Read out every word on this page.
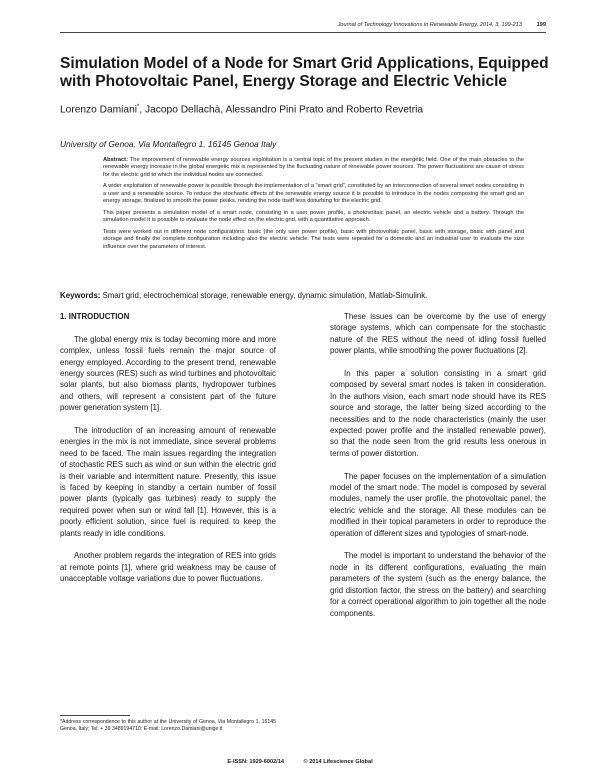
Journal of Technology Innovations in Renewable Energy, 2014, 3, 199-213	199
Simulation Model of a Node for Smart Grid Applications, Equipped with Photovoltaic Panel, Energy Storage and Electric Vehicle

Lorenzo Damiani*, Jacopo Dellachà, Alessandro Pini Prato and Roberto Revetria

University of Genoa, Via Montallegro 1, 16145 Genoa Italy

Abstract: The improvement of renewable energy sources exploitation is a central topic of the present studies in the energetic field. One of the main obstacles to the renewable energy increase in the global energetic mix is represented by the fluctuating nature of renewable power sources. The power fluctuations are cause of stress for the electric grid to which the individual nodes are connected.

A wider exploitation of renewable power is possible through the implementation of a “smart grid”, constituted by an interconnection of several smart nodes consisting in a user and a renewable source. To reduce the stochastic effects of the renewable energy source it is possible to introduce in the nodes composing the smart grid an energy storage, finalized to smooth the power peaks, rending the node itself less disturbing for the electric grid.

This paper presents a simulation model of a smart node, consisting in a user power profile, a photovoltaic panel, an electric vehicle and a battery. Through the simulation model it is possible to evaluate the node effect on the electric grid, with a quantitative approach.

Tests were worked out in different node configurations: basic (the only user power profile), basic with photovoltaic panel, basic with storage, basic with panel and storage and finally the complete configuration including also the electric vehicle. The tests were repeated for a domestic and an industrial user to evaluate the size influence over the parameters of interest.

Keywords: Smart grid, electrochemical storage, renewable energy, dynamic simulation, Matlab-Simulink.

1. INTRODUCTION

The global energy mix is today becoming more and more complex, unless fossil fuels remain the major source of energy employed. According to the present trend, renewable energy sources (RES) such as wind turbines and photovoltaic solar plants, but also biomass plants, hydropower turbines and others, will represent a consistent part of the future power generation system [1].

The introduction of an increasing amount of renewable energies in the mix is not immediate, since several problems need to be faced. The main issues regarding the integration of stochastic RES such as wind or sun within the electric grid is their variable and intermittent nature. Presently, this issue is faced by keeping in standby a certain number of fossil power plants (typically gas turbines) ready to supply the required power when sun or wind fall [1]. However, this is a poorly efficient solution, since fuel is required to keep the plants ready in idle conditions.

Another problem regards the integration of RES into grids at remote points [1], where grid weakness may be cause of unacceptable voltage variations due to power fluctuations.

These issues can be overcome by the use of energy storage systems, which can compensate for the stochastic nature of the RES without the need of idling fossil fuelled power plants, while smoothing the power fluctuations [2].

In this paper a solution consisting in a smart grid composed by several smart nodes is taken in consideration. In the authors vision, each smart node should have its RES source and storage, the latter being sized according to the necessities and to the node characteristics (mainly the user expected power profile and the installed renewable power), so that the node seen from the grid results less onerous in terms of power distortion.

The paper focuses on the implementation of a simulation model of the smart node. The model is composed by several modules, namely the user profile, the photovoltaic panel, the electric vehicle and the storage. All these modules can be modified in their topical parameters in order to reproduce the operation of different sizes and typologies of smart-node.

The model is important to understand the behavior of the node in its different configurations, evaluating the main parameters of the system (such as the energy balance, the grid distortion factor, the stress on the battery) and searching for a correct operational algorithm to join together all the node components.

*Address correspondence to this author at the University of Genoa, Via Montallegro 1, 16145 Genoa, Italy; Tel: + 39 3489194710; E-mail: Lorenzo.Damiani@unige.it

E-ISSN: 1929-6002/14	© 2014 Lifescience Global
